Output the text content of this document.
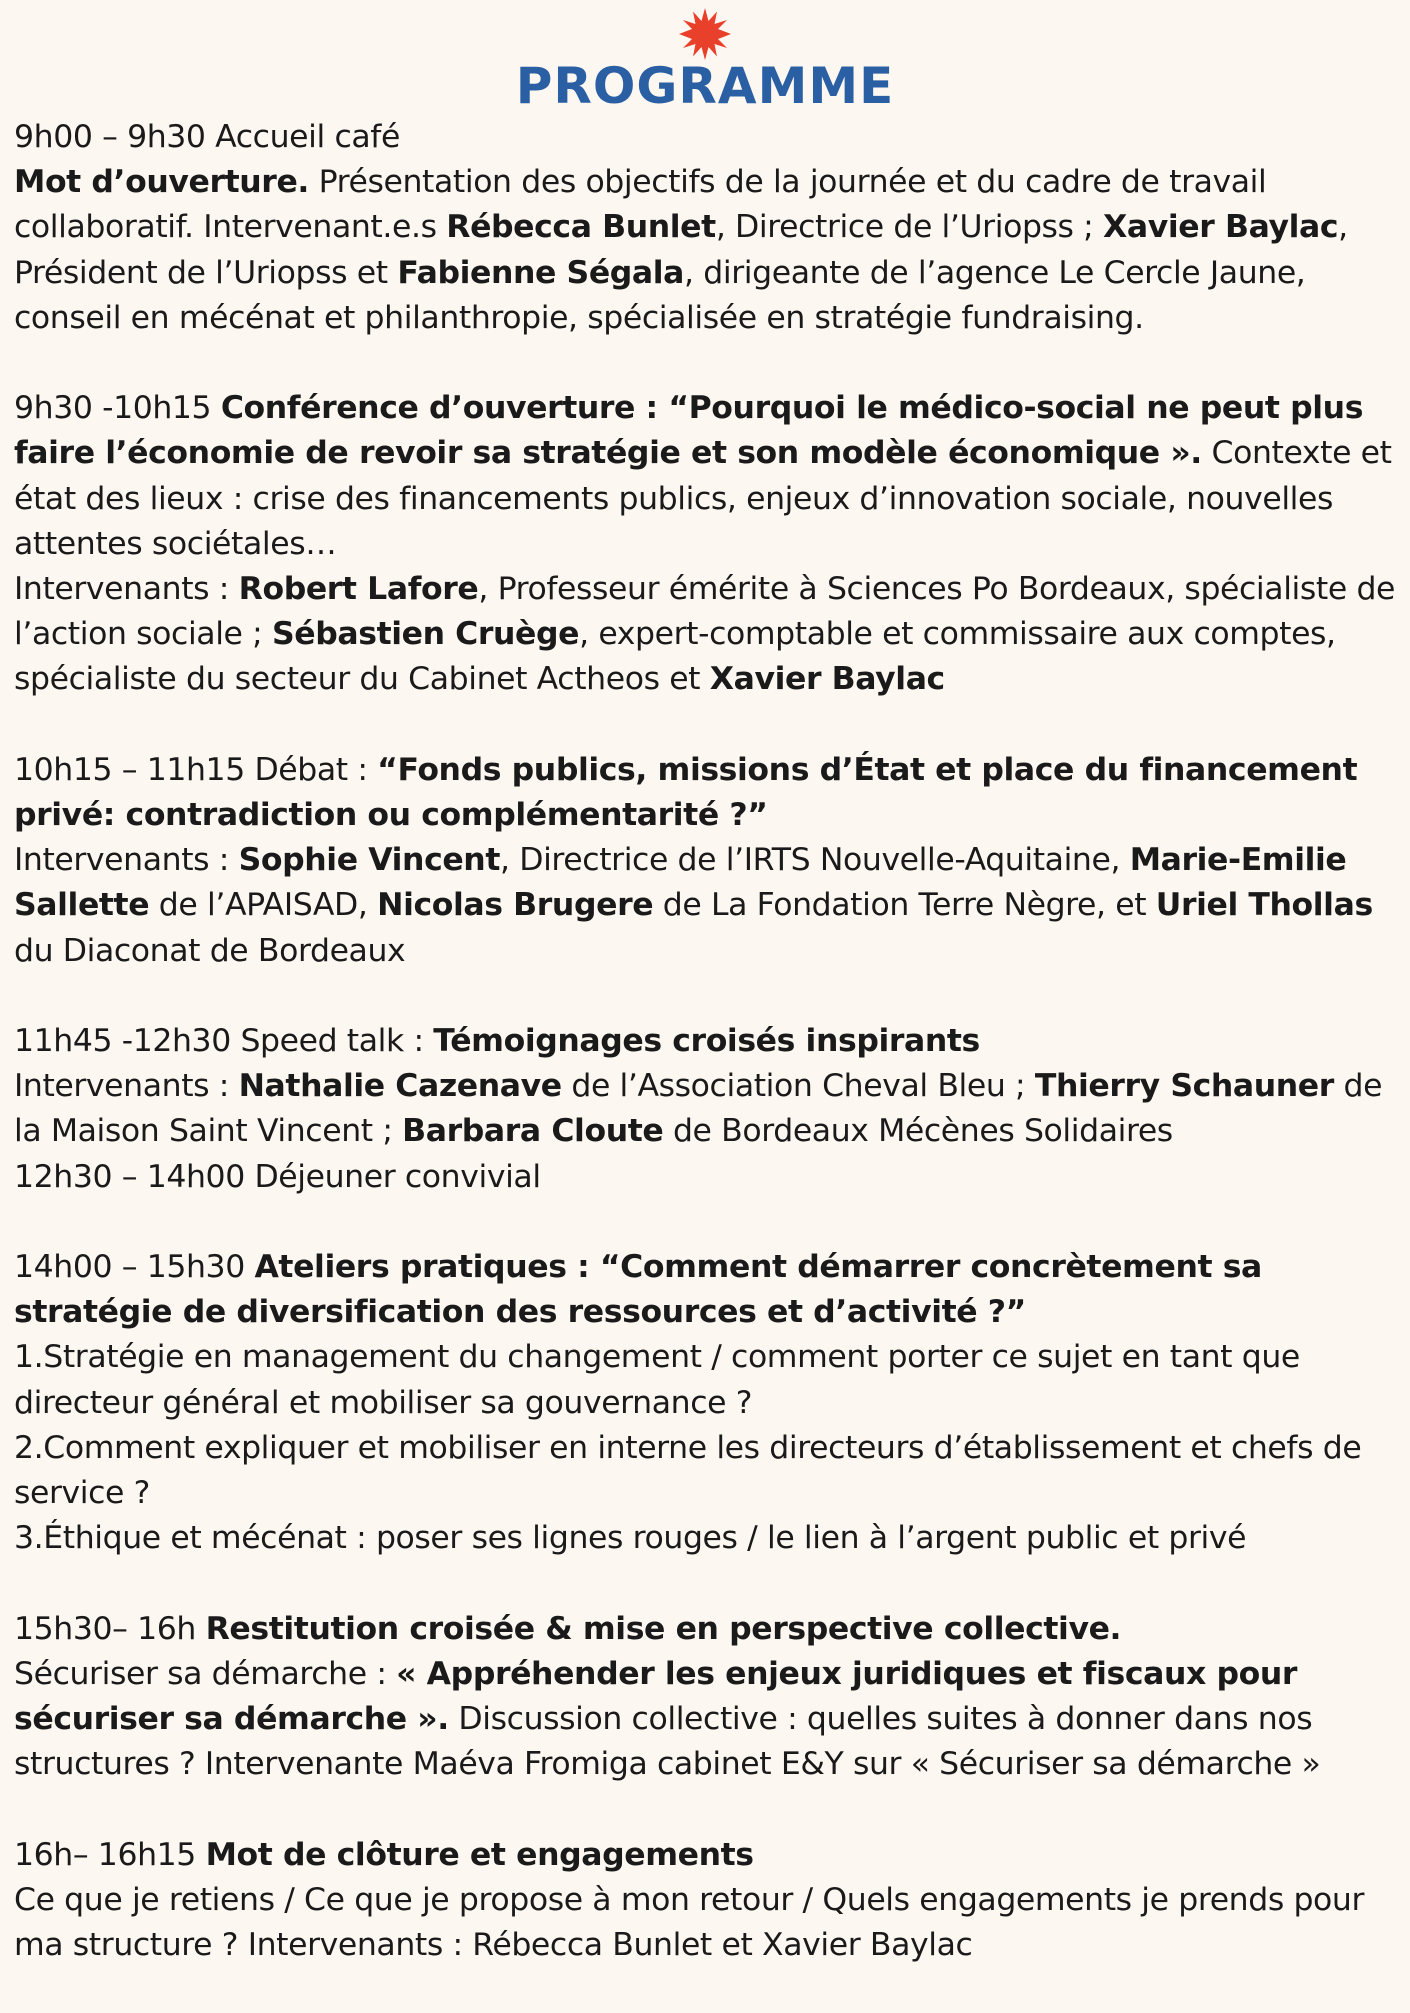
PROGRAMME

9h00 – 9h30 Accueil café

Mot d’ouverture. Présentation des objectifs de la journée et du cadre de travail collaboratif. Intervenant.e.s Rébecca Bunlet, Directrice de l’Uriopss ; Xavier Baylac, Président de l’Uriopss et Fabienne Ségala, dirigeante de l’agence Le Cercle Jaune, conseil en mécénat et philanthropie, spécialisée en stratégie fundraising.

9h30 -10h15 Conférence d’ouverture : “Pourquoi le médico-social ne peut plus faire l’économie de revoir sa stratégie et son modèle économique ». Contexte et état des lieux : crise des financements publics, enjeux d’innovation sociale, nouvelles attentes sociétales…

Intervenants : Robert Lafore, Professeur émérite à Sciences Po Bordeaux, spécialiste de l’action sociale ; Sébastien Cruège, expert-comptable et commissaire aux comptes, spécialiste du secteur du Cabinet Actheos et Xavier Baylac

10h15 – 11h15 Débat : “Fonds publics, missions d’État et place du financement privé: contradiction ou complémentarité ?”

Intervenants : Sophie Vincent, Directrice de l’IRTS Nouvelle-Aquitaine, Marie-Emilie Sallette de l’APAISAD, Nicolas Brugere de La Fondation Terre Nègre, et Uriel Thollas du Diaconat de Bordeaux

11h45 -12h30 Speed talk : Témoignages croisés inspirants

Intervenants : Nathalie Cazenave de l’Association Cheval Bleu ; Thierry Schauner de la Maison Saint Vincent ; Barbara Cloute de Bordeaux Mécènes Solidaires

12h30 – 14h00 Déjeuner convivial

14h00 – 15h30 Ateliers pratiques : “Comment démarrer concrètement sa stratégie de diversification des ressources et d’activité ?”

1.Stratégie en management du changement / comment porter ce sujet en tant que directeur général et mobiliser sa gouvernance ?

2.Comment expliquer et mobiliser en interne les directeurs d’établissement et chefs de service ?

3.Éthique et mécénat : poser ses lignes rouges / le lien à l’argent public et privé

15h30– 16h Restitution croisée & mise en perspective collective.

Sécuriser sa démarche : « Appréhender les enjeux juridiques et fiscaux pour sécuriser sa démarche ». Discussion collective : quelles suites à donner dans nos structures ? Intervenante Maéva Fromiga cabinet E&Y sur « Sécuriser sa démarche »

16h– 16h15 Mot de clôture et engagements

Ce que je retiens / Ce que je propose à mon retour / Quels engagements je prends pour ma structure ? Intervenants : Rébecca Bunlet et Xavier Baylac
